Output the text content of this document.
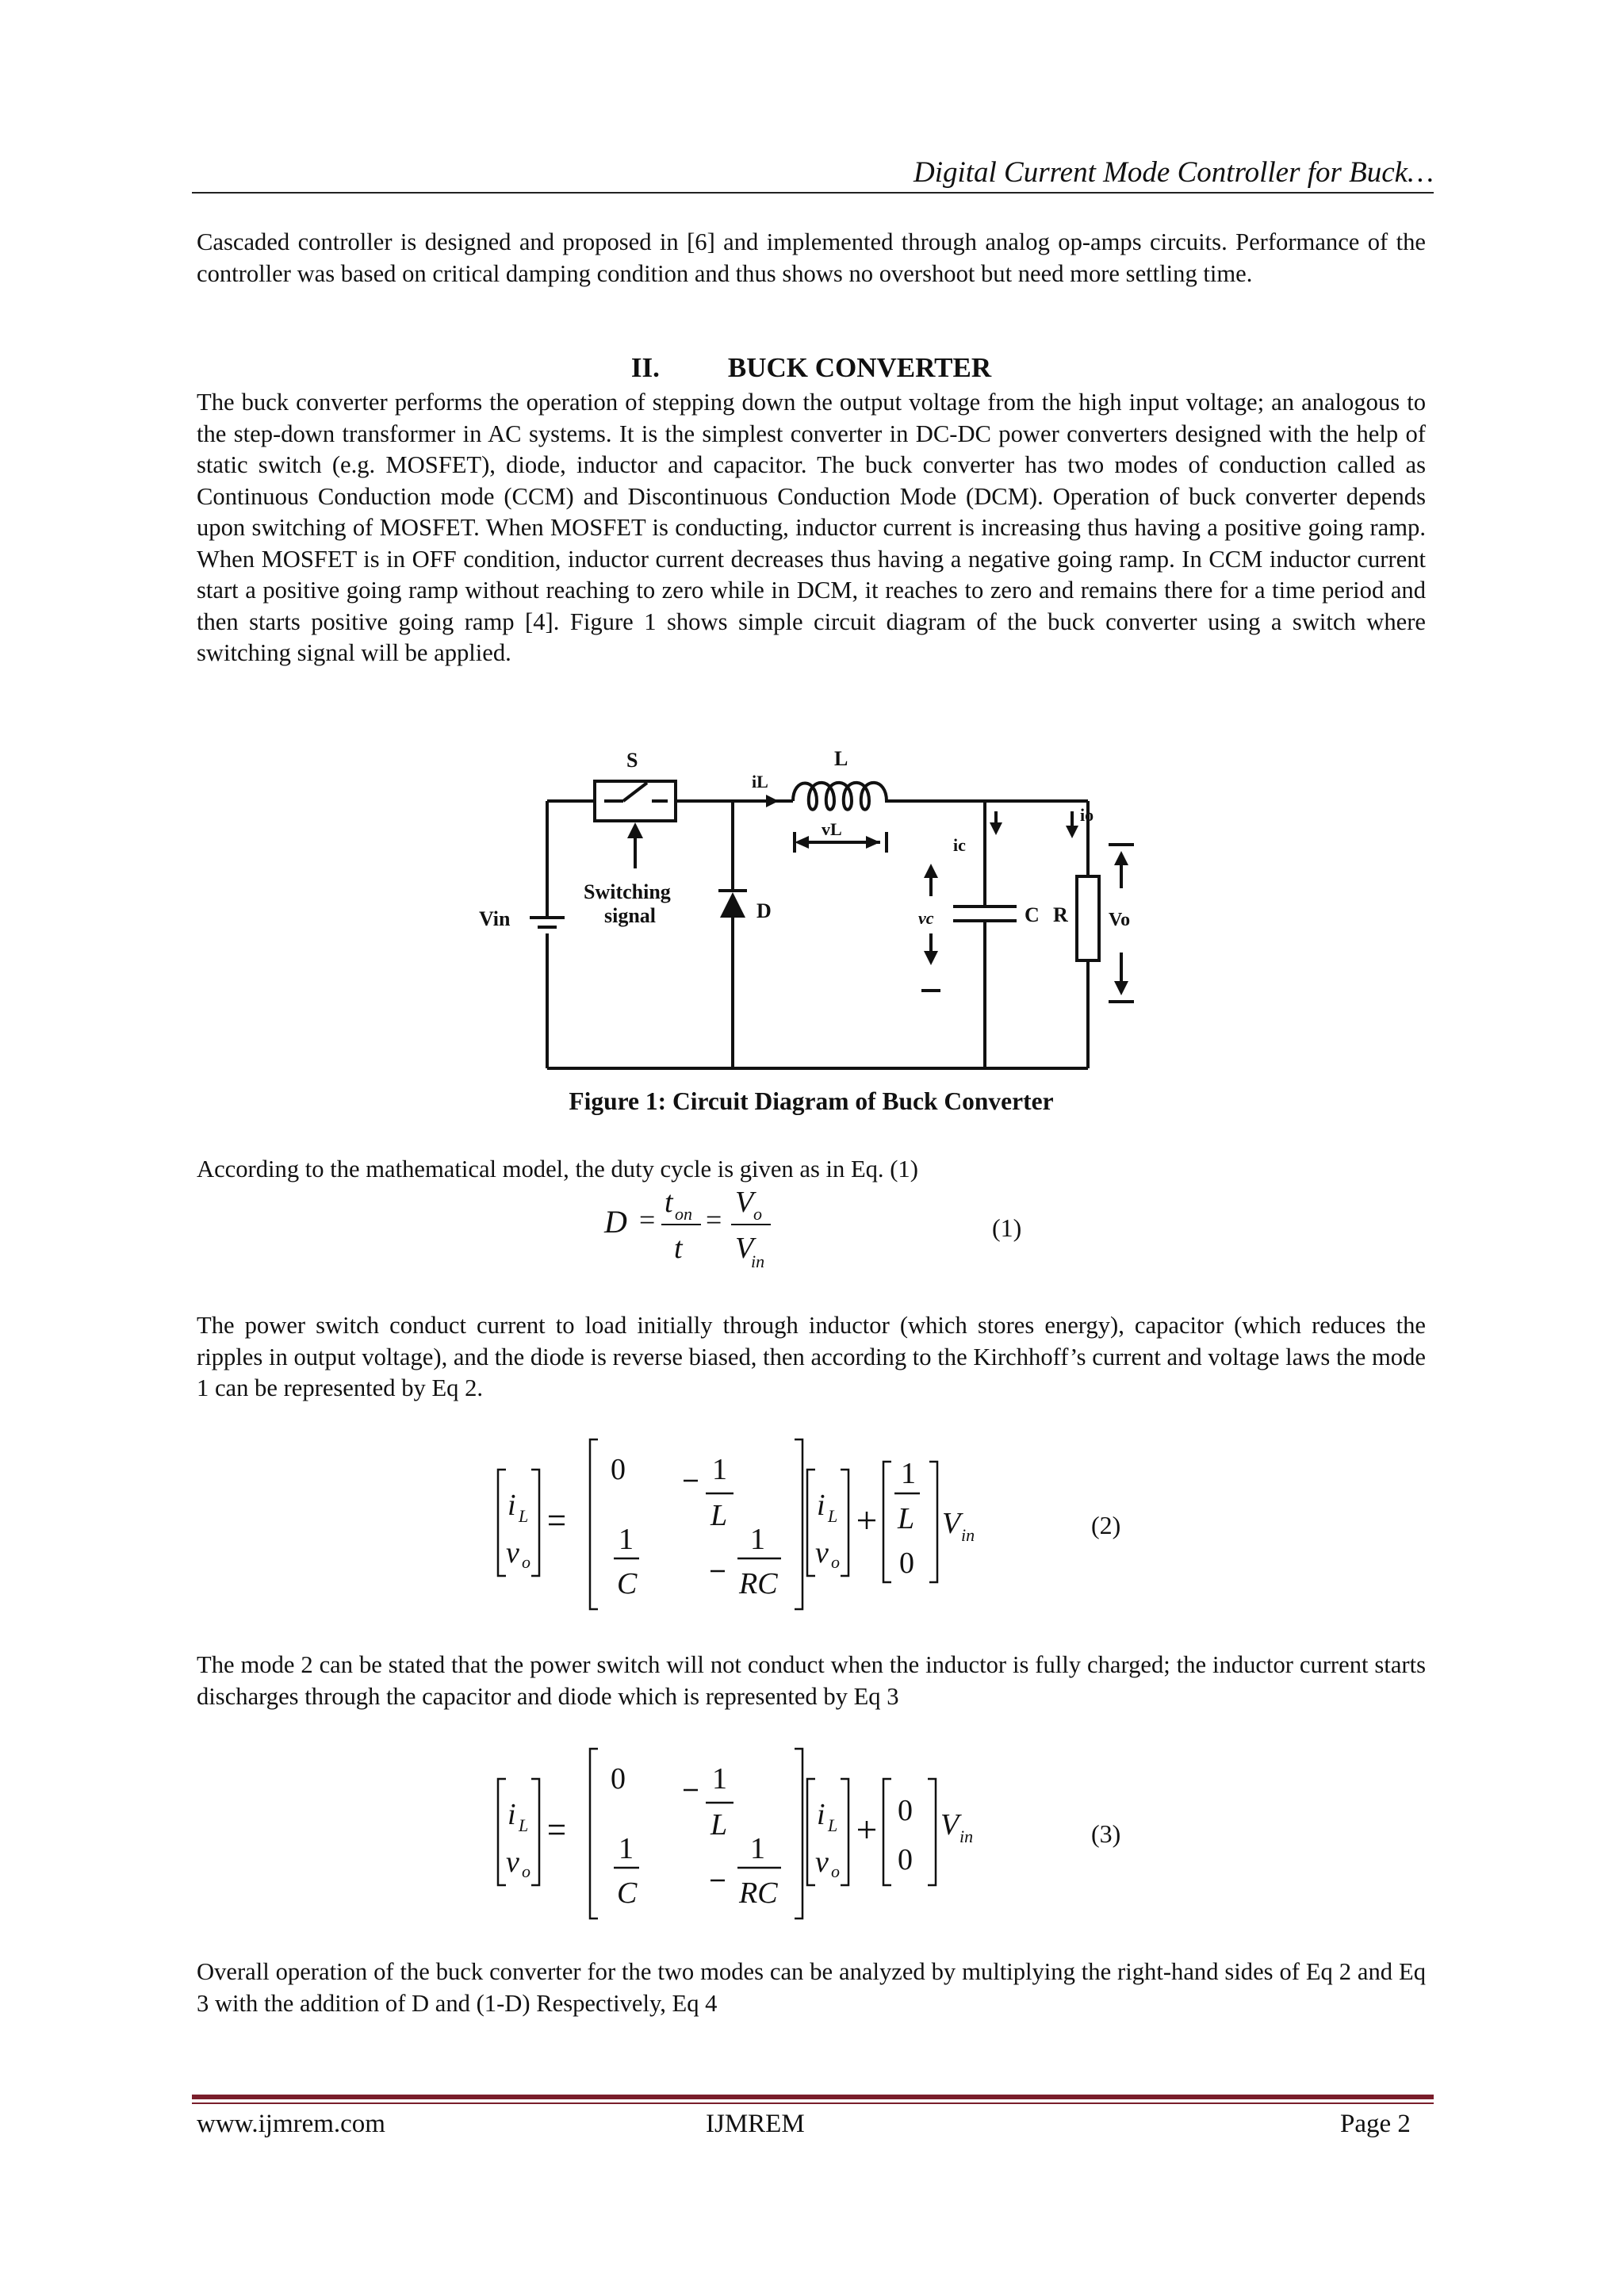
Digital Current Mode Controller for Buck…
Cascaded controller is designed and proposed in [6] and implemented through analog op-amps circuits. Performance of the controller was based on critical damping condition and thus shows no overshoot but need more settling time.
II. BUCK CONVERTER
The buck converter performs the operation of stepping down the output voltage from the high input voltage; an analogous to the step-down transformer in AC systems. It is the simplest converter in DC-DC power converters designed with the help of static switch (e.g. MOSFET), diode, inductor and capacitor. The buck converter has two modes of conduction called as Continuous Conduction mode (CCM) and Discontinuous Conduction Mode (DCM). Operation of buck converter depends upon switching of MOSFET. When MOSFET is conducting, inductor current is increasing thus having a positive going ramp. When MOSFET is in OFF condition, inductor current decreases thus having a negative going ramp. In CCM inductor current start a positive going ramp without reaching to zero while in DCM, it reaches to zero and remains there for a time period and then starts positive going ramp [4]. Figure 1 shows simple circuit diagram of the buck converter using a switch where switching signal will be applied.
S
Switching
signal
Vin	D
iL
L
vL
ic
vc	C R
io
Vo
Figure 1: Circuit Diagram of Buck Converter
According to the mathematical model, the duty cycle is given as in Eq. (1)
D =
t on
t
=
V o
V
in
(1)
The power switch conduct current to load initially through inductor (which stores energy), capacitor (which reduces the ripples in output voltage), and the diode is reverse biased, then according to the Kirchhoff’s current and voltage laws the mode 1 can be represented by Eq 2.
i L
v o
0	1
L
1
C
1
RC
i L
v o
1
L
0
V in	(2)
The mode 2 can be stated that the power switch will not conduct when the inductor is fully charged; the inductor current starts discharges through the capacitor and diode which is represented by Eq 3
i L
v o
0	1
L
1
C
1
RC
i L
v o
0
0
V in	(3)
Overall operation of the buck converter for the two modes can be analyzed by multiplying the right-hand sides of Eq 2 and Eq 3 with the addition of D and (1-D) Respectively, Eq 4
www.ijmrem.com	IJMREM	Page 2
